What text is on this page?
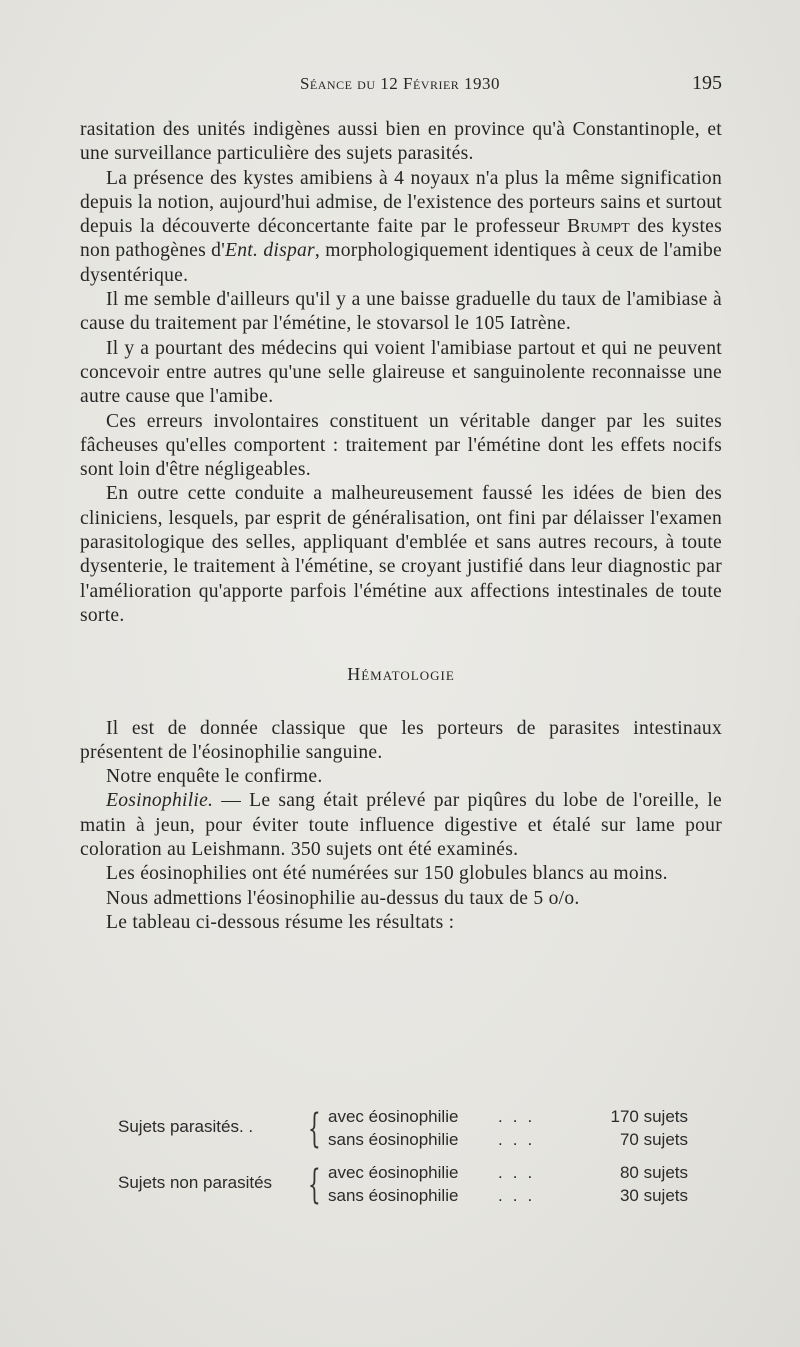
Séance du 12 Février 1930	195

rasitation des unités indigènes aussi bien en province qu'à Constantinople, et une surveillance particulière des sujets parasités.

La présence des kystes amibiens à 4 noyaux n'a plus la même signification depuis la notion, aujourd'hui admise, de l'existence des porteurs sains et surtout depuis la découverte déconcertante faite par le professeur Brumpt des kystes non pathogènes d'Ent. dispar, morphologiquement identiques à ceux de l'amibe dysentérique.

Il me semble d'ailleurs qu'il y a une baisse graduelle du taux de l'amibiase à cause du traitement par l'émétine, le stovarsol le 105 Iatrène.

Il y a pourtant des médecins qui voient l'amibiase partout et qui ne peuvent concevoir entre autres qu'une selle glaireuse et sanguinolente reconnaisse une autre cause que l'amibe.

Ces erreurs involontaires constituent un véritable danger par les suites fâcheuses qu'elles comportent : traitement par l'émétine dont les effets nocifs sont loin d'être négligeables.

En outre cette conduite a malheureusement faussé les idées de bien des cliniciens, lesquels, par esprit de généralisation, ont fini par délaisser l'examen parasitologique des selles, appliquant d'emblée et sans autres recours, à toute dysenterie, le traitement à l'émétine, se croyant justifié dans leur diagnostic par l'amélioration qu'apporte parfois l'émétine aux affections intestinales de toute sorte.

Hématologie

Il est de donnée classique que les porteurs de parasites intestinaux présentent de l'éosinophilie sanguine.

Notre enquête le confirme.

Eosinophilie. — Le sang était prélevé par piqûres du lobe de l'oreille, le matin à jeun, pour éviter toute influence digestive et étalé sur lame pour coloration au Leishmann. 350 sujets ont été examinés.

Les éosinophilies ont été numérées sur 150 globules blancs au moins.

Nous admettions l'éosinophilie au-dessus du taux de 5 o/o.

Le tableau ci-dessous résume les résultats :

Sujets parasités. . { avec éosinophilie ...	170 sujets
sans éosinophilie ...	70 sujets
Sujets non parasités { avec éosinophilie ...	80 sujets
sans éosinophilie ...	30 sujets
